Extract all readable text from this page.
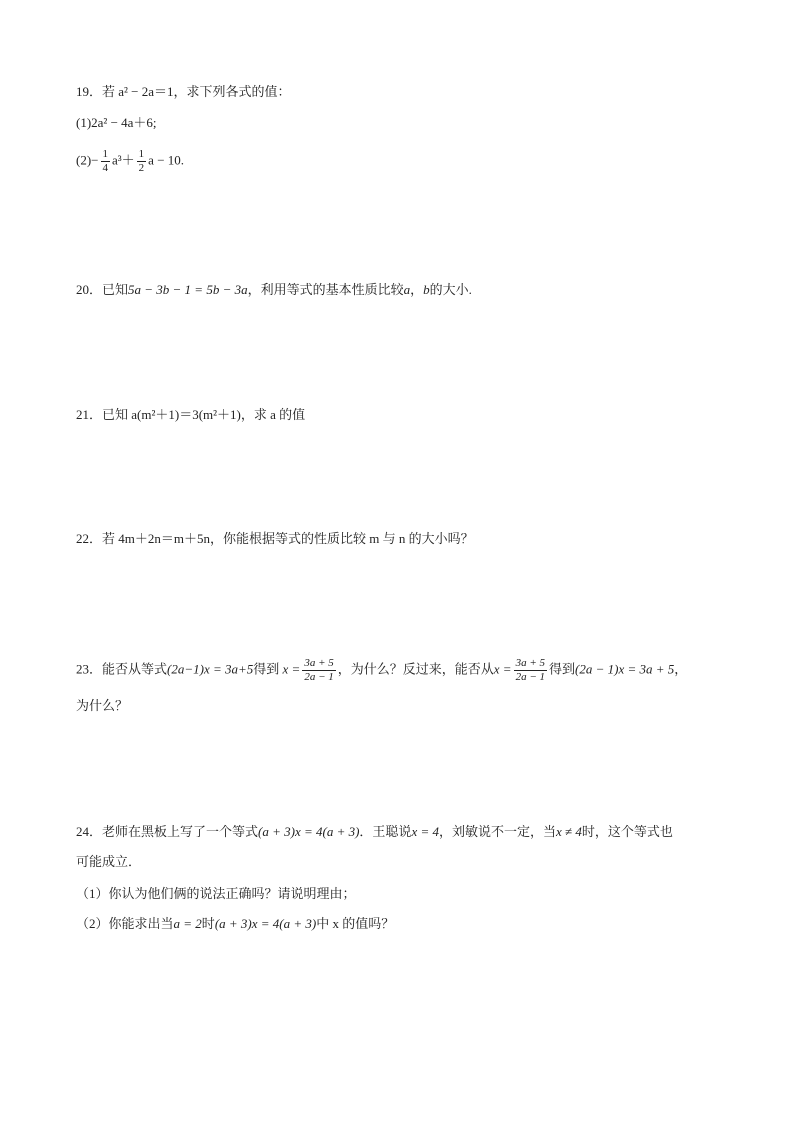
19．若 a² − 2a＝1，求下列各式的值：
(1)2a² − 4a＋6;
$(2)- \frac{1}{4} a^3+ \frac{1}{2}$ a − 10.
20．已知5a − 3b − 1 = 5b − 3a，利用等式的基本性质比较a，b的大小.
21．已知 a(m²＋1)＝3(m²＋1)，求 a 的值
22．若 4m＋2n＝m＋5n，你能根据等式的性质比较 m 与 n 的大小吗？
23．能否从等式(2a−1)x = 3a+5得到 $x = \frac{3a + 5}{2a - 1}$ ，为什么？反过来，能否从$x = \frac{3a + 5}{2a - 1}$ 得到(2a − 1)x = 3a + 5，
为什么？
24．老师在黑板上写了一个等式(a + 3)x = 4(a + 3)．王聪说x = 4，刘敏说不一定，当x ≠ 4时，这个等式也
可能成立．
（1）你认为他们俩的说法正确吗？请说明理由；
（2）你能求出当a = 2时(a + 3)x = 4(a + 3)中 x 的值吗？
